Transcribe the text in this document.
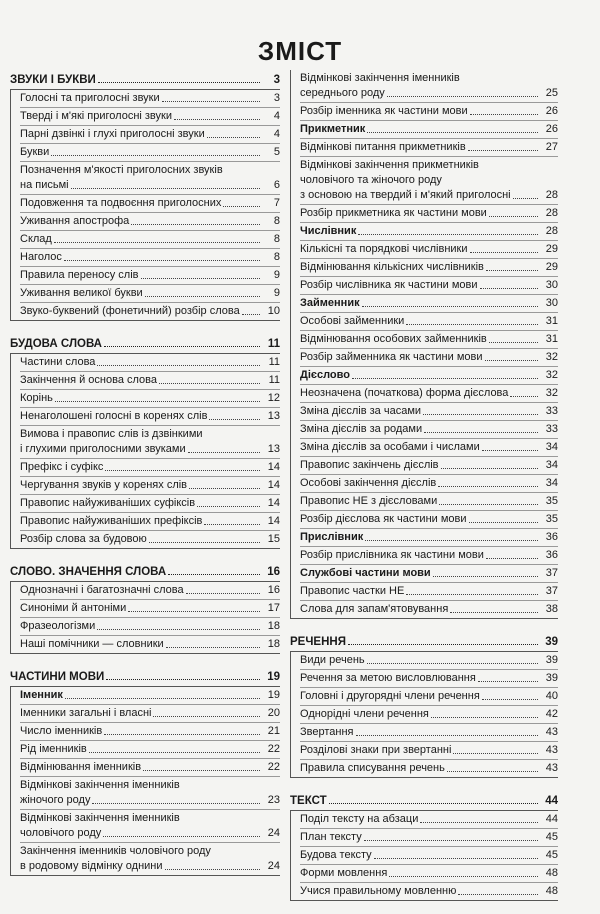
ЗМІСТ
ЗВУКИ І БУКВИ	3
Голосні та приголосні звуки	3
Тверді і м'які приголосні звуки	4
Парні дзвінкі і глухі приголосні звуки	4
Букви	5
Позначення м'якості приголосних звуків
на письмі	6
Подовження та подвоєння приголосних	7
Уживання апострофа	8
Склад	8
Наголос	8
Правила переносу слів	9
Уживання великої букви	9
Звуко-буквений (фонетичний) розбір слова	10
БУДОВА СЛОВА	11
Частини слова	11
Закінчення й основа слова	11
Корінь	12
Ненаголошені голосні в коренях слів	13
Вимова і правопис слів із дзвінкими
і глухими приголосними звуками	13
Префікс і суфікс	14
Чергування звуків у коренях слів	14
Правопис найуживаніших суфіксів	14
Правопис найуживаніших префіксів	14
Розбір слова за будовою	15
СЛОВО. ЗНАЧЕННЯ СЛОВА	16
Однозначні і багатозначні слова	16
Синоніми й антоніми	17
Фразеологізми	18
Наші помічники — словники	18
ЧАСТИНИ МОВИ	19
Іменник	19
Іменники загальні і власні	20
Число іменників	21
Рід іменників	22
Відмінювання іменників	22
Відмінкові закінчення іменників
жіночого роду	23
Відмінкові закінчення іменників
чоловічого роду	24
Закінчення іменників чоловічого роду
в родовому відмінку однини	24
Відмінкові закінчення іменників
середнього роду	25
Розбір іменника як частини мови	26
Прикметник	26
Відмінкові питання прикметників	27
Відмінкові закінчення прикметників
чоловічого та жіночого роду
з основою на твердий і м'який приголосні	28
Розбір прикметника як частини мови	28
Числівник	28
Кількісні та порядкові числівники	29
Відмінювання кількісних числівників	29
Розбір числівника як частини мови	30
Займенник	30
Особові займенники	31
Відмінювання особових займенників	31
Розбір займенника як частини мови	32
Дієслово	32
Неозначена (початкова) форма дієслова	32
Зміна дієслів за часами	33
Зміна дієслів за родами	33
Зміна дієслів за особами і числами	34
Правопис закінчень дієслів	34
Особові закінчення дієслів	34
Правопис НЕ з дієсловами	35
Розбір дієслова як частини мови	35
Прислівник	36
Розбір прислівника як частини мови	36
Службові частини мови	37
Правопис частки НЕ	37
Слова для запам'ятовування	38
РЕЧЕННЯ	39
Види речень	39
Речення за метою висловлювання	39
Головні і другорядні члени речення	40
Однорідні члени речення	42
Звертання	43
Розділові знаки при звертанні	43
Правила списування речень	43
ТЕКСТ	44
Поділ тексту на абзаци	44
План тексту	45
Будова тексту	45
Форми мовлення	48
Учися правильному мовленню	48
